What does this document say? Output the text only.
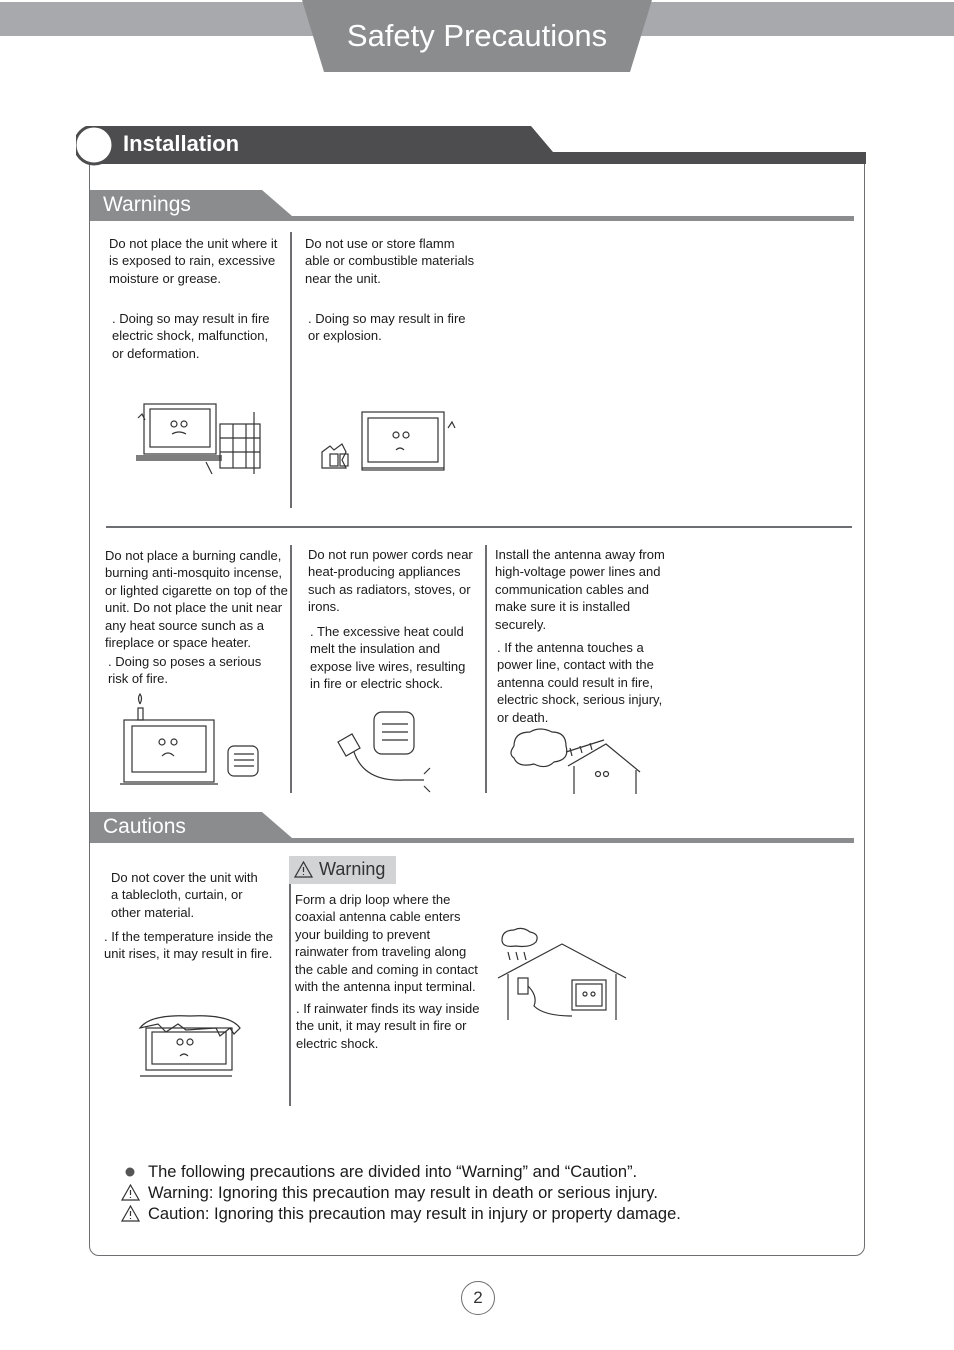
Safety Precautions
Installation
Warnings
Do not place the unit where it
is exposed to rain, excessive
moisture or grease.
. Doing so may result in fire
electric shock, malfunction,
or deformation.
Do not use or store flamm
able or combustible materials
near the unit.
. Doing so may result in fire
or explosion.
Do not place a burning candle,
burning anti-mosquito incense,
or lighted cigarette on top of the
unit. Do not place the unit near
any heat source sunch as a
fireplace or space heater.
. Doing so poses a serious
risk of fire.
Do not run power cords near
heat-producing appliances
such as radiators, stoves, or
irons.
. The excessive heat could
melt the insulation and
expose live wires, resulting
in fire or electric shock.
Install the antenna away from
high-voltage power lines and
communication cables and
make sure it is installed
securely.
. If the antenna touches a
power line, contact with the
antenna could result in fire,
electric shock, serious injury,
or death.
Cautions
Do not cover the unit with
a tablecloth, curtain, or
other material.
. If the temperature inside the
unit rises, it may result in fire.
Warning
Form a drip loop where the
coaxial antenna cable enters
your building to prevent
rainwater from traveling along
the cable and coming in contact
with the antenna input terminal.
. If rainwater finds its way inside
the unit, it may result in fire or
electric shock.
The following precautions are divided into “Warning” and “Caution”.
Warning: Ignoring this precaution may result in death or serious injury.
Caution: Ignoring this precaution may result in injury or property damage.
2
